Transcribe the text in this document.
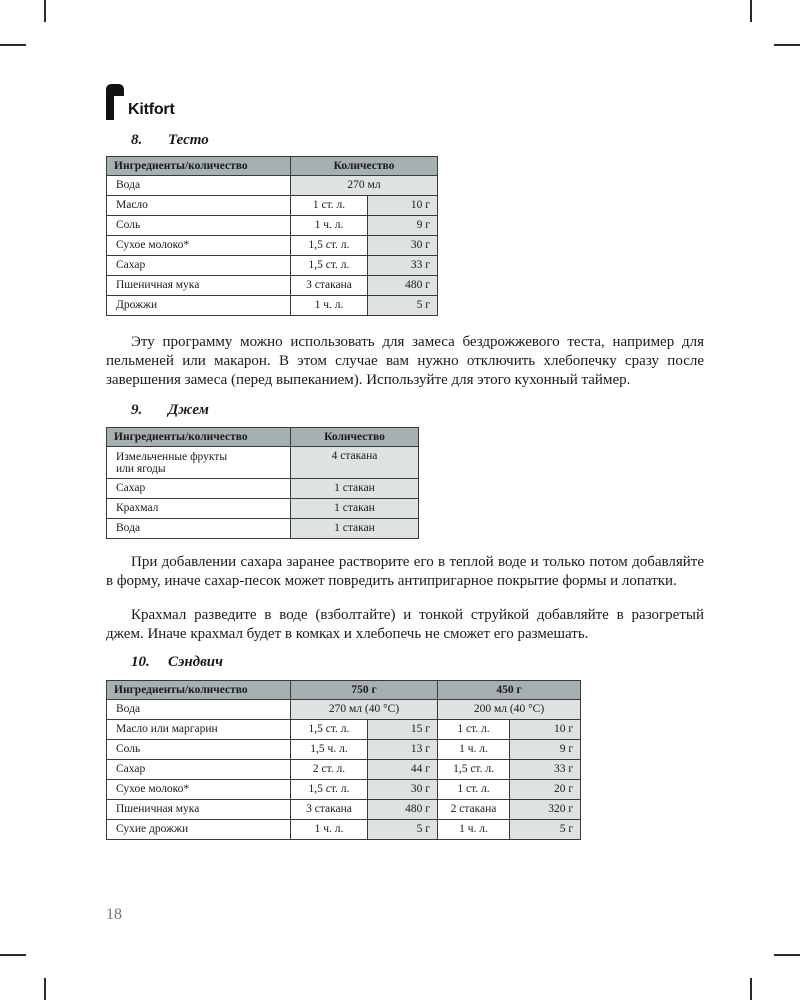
Kitfort
8. Тесто
Ингредиенты/количество	Количество	
Вода	270 мл	
Масло	1 ст. л.	10 г
Соль	1 ч. л.	9 г
Сухое молоко*	1,5 ст. л.	30 г
Сахар	1,5 ст. л.	33 г
Пшеничная мука	3 стакана	480 г
Дрожжи	1 ч. л.	5 г

Эту программу можно использовать для замеса бездрожжевого теста, например для пельменей или макарон. В этом случае вам нужно отключить хлебопечку сразу после завершения замеса (перед выпеканием). Используйте для этого кухонный таймер.

9. Джем
Ингредиенты/количество	Количество

Измельченные фрукты
или ягоды	4 стакана
Сахар	1 стакан
Крахмал	1 стакан
Вода	1 стакан

При добавлении сахара заранее растворите его в теплой воде и только потом добавляйте в форму, иначе сахар-песок может повредить антипригарное покрытие формы и лопатки.

Крахмал разведите в воде (взболтайте) и тонкой струйкой добавляйте в разогретый джем. Иначе крахмал будет в комках и хлебопечь не сможет его размешать.

10. Сэндвич
Ингредиенты/количество	750 г		450 г	
Вода	270 мл (40 °C)		200 мл (40 °C)	
Масло или маргарин	1,5 ст. л.	15 г	1 ст. л.	10 г
Соль	1,5 ч. л.	13 г	1 ч. л.	9 г
Сахар	2 ст. л.	44 г	1,5 ст. л.	33 г
Сухое молоко*	1,5 ст. л.	30 г	1 ст. л.	20 г
Пшеничная мука	3 стакана	480 г	2 стакана	320 г
Сухие дрожжи	1 ч. л.	5 г	1 ч. л.	5 г
18
